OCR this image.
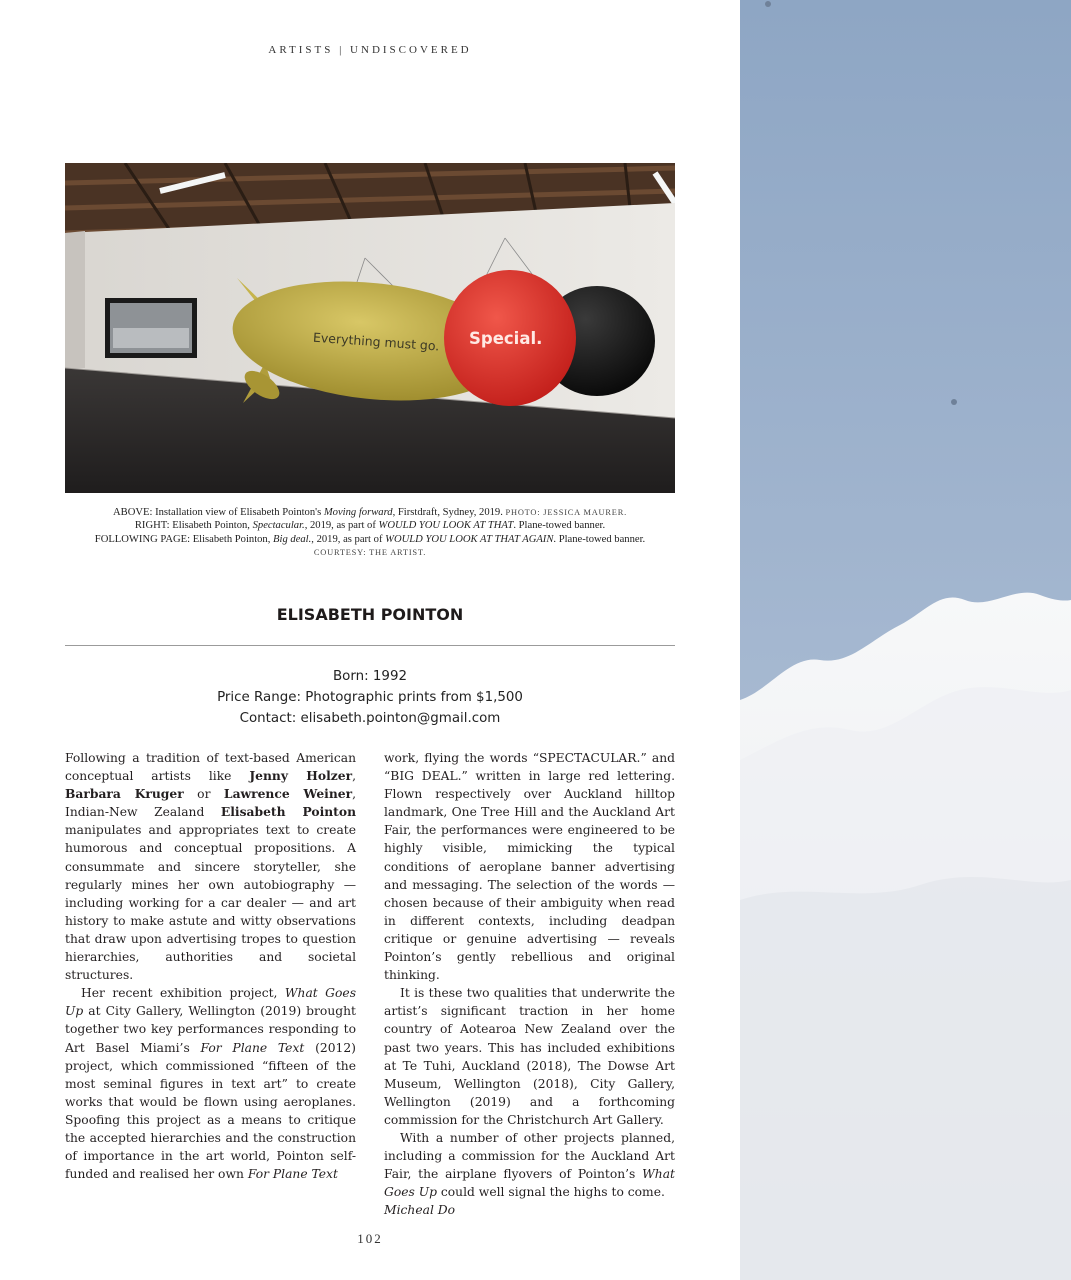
ARTISTS | UNDISCOVERED
Everything must go. Special.
ABOVE: Installation view of Elisabeth Pointon's Moving forward, Firstdraft, Sydney, 2019. PHOTO: JESSICA MAURER.
RIGHT: Elisabeth Pointon, Spectacular., 2019, as part of WOULD YOU LOOK AT THAT. Plane-towed banner.
FOLLOWING PAGE: Elisabeth Pointon, Big deal., 2019, as part of WOULD YOU LOOK AT THAT AGAIN. Plane-towed banner.
COURTESY: THE ARTIST.
ELISABETH POINTON
Born: 1992
Price Range: Photographic prints from $1,500
Contact: elisabeth.pointon@gmail.com

Following a tradition of text-based American conceptual artists like Jenny Holzer, Barbara Kruger or Lawrence Weiner, Indian-New Zealand Elisabeth Pointon manipulates and appropriates text to create humorous and conceptual propositions. A consummate and sincere storyteller, she regularly mines her own autobiography — including working for a car dealer — and art history to make astute and witty observations that draw upon advertising tropes to question hierarchies, authorities and societal structures.

Her recent exhibition project, What Goes Up at City Gallery, Wellington (2019) brought together two key performances responding to Art Basel Miami’s For Plane Text (2012) project, which commissioned “fifteen of the most seminal figures in text art” to create works that would be flown using aeroplanes. Spoofing this project as a means to critique the accepted hierarchies and the construction of importance in the art world, Pointon self-funded and realised her own For Plane Text

work, flying the words “SPECTACULAR.” and “BIG DEAL.” written in large red lettering. Flown respectively over Auckland hilltop landmark, One Tree Hill and the Auckland Art Fair, the performances were engineered to be highly visible, mimicking the typical conditions of aeroplane banner advertising and messaging. The selection of the words — chosen because of their ambiguity when read in different contexts, including deadpan critique or genuine advertising — reveals Pointon’s gently rebellious and original thinking.

It is these two qualities that underwrite the artist’s significant traction in her home country of Aotearoa New Zealand over the past two years. This has included exhibitions at Te Tuhi, Auckland (2018), The Dowse Art Museum, Wellington (2018), City Gallery, Wellington (2019) and a forthcoming commission for the Christchurch Art Gallery.

With a number of other projects planned, including a commission for the Auckland Art Fair, the airplane flyovers of Pointon’s What Goes Up could well signal the highs to come.

Micheal Do

102
